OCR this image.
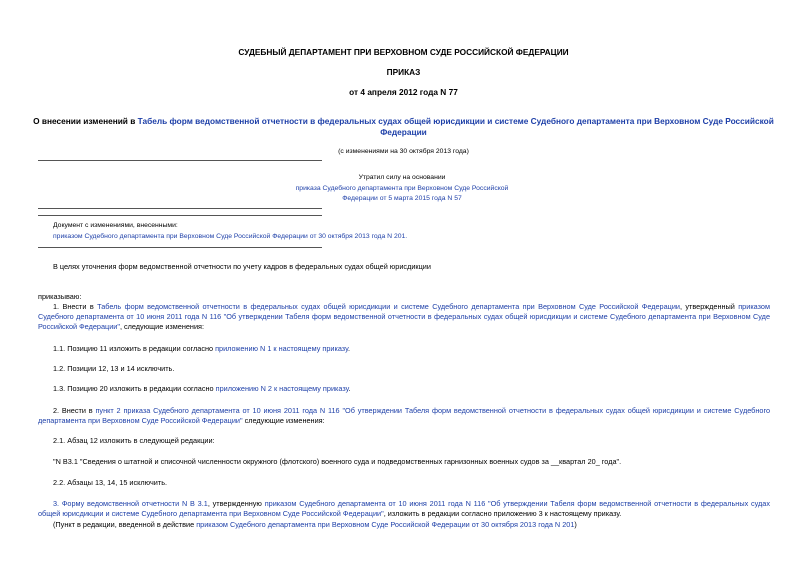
СУДЕБНЫЙ ДЕПАРТАМЕНТ ПРИ ВЕРХОВНОМ СУДЕ РОССИЙСКОЙ ФЕДЕРАЦИИ
ПРИКАЗ
от 4 апреля 2012 года N 77
О внесении изменений в Табель форм ведомственной отчетности в федеральных судах общей юрисдикции и системе Судебного департамента при Верховном Суде Российской Федерации
(с изменениями на 30 октября 2013 года)
Утратил силу на основании
приказа Судебного департамента при Верховном Суде Российской Федерации от 5 марта 2015 года N 57
Документ с изменениями, внесенными:
приказом Судебного департамента при Верховном Суде Российской Федерации от 30 октября 2013 года N 201.
В целях уточнения форм ведомственной отчетности по учету кадров в федеральных судах общей юрисдикции
приказываю:
1. Внести в Табель форм ведомственной отчетности в федеральных судах общей юрисдикции и системе Судебного департамента при Верховном Суде Российской Федерации, утвержденный приказом Судебного департамента от 10 июня 2011 года N 116 "Об утверждении Табеля форм ведомственной отчетности в федеральных судах общей юрисдикции и системе Судебного департамента при Верховном Суде Российской Федерации", следующие изменения:
1.1. Позицию 11 изложить в редакции согласно приложению N 1 к настоящему приказу.
1.2. Позиции 12, 13 и 14 исключить.
1.3. Позицию 20 изложить в редакции согласно приложению N 2 к настоящему приказу.
2. Внести в пункт 2 приказа Судебного департамента от 10 июня 2011 года N 116 "Об утверждении Табеля форм ведомственной отчетности в федеральных судах общей юрисдикции и системе Судебного департамента при Верховном Суде Российской Федерации" следующие изменения:
2.1. Абзац 12 изложить в следующей редакции:
"N В3.1 "Сведения о штатной и списочной численности окружного (флотского) военного суда и подведомственных гарнизонных военных судов за __квартал 20_ года".
2.2. Абзацы 13, 14, 15 исключить.
3. Форму ведомственной отчетности N В 3.1, утвержденную приказом Судебного департамента от 10 июня 2011 года N 116 "Об утверждении Табеля форм ведомственной отчетности в федеральных судах общей юрисдикции и системе Судебного департамента при Верховном Суде Российской Федерации", изложить в редакции согласно приложению 3 к настоящему приказу.
(Пункт в редакции, введенной в действие приказом Судебного департамента при Верховном Суде Российской Федерации от 30 октября 2013 года N 201)
